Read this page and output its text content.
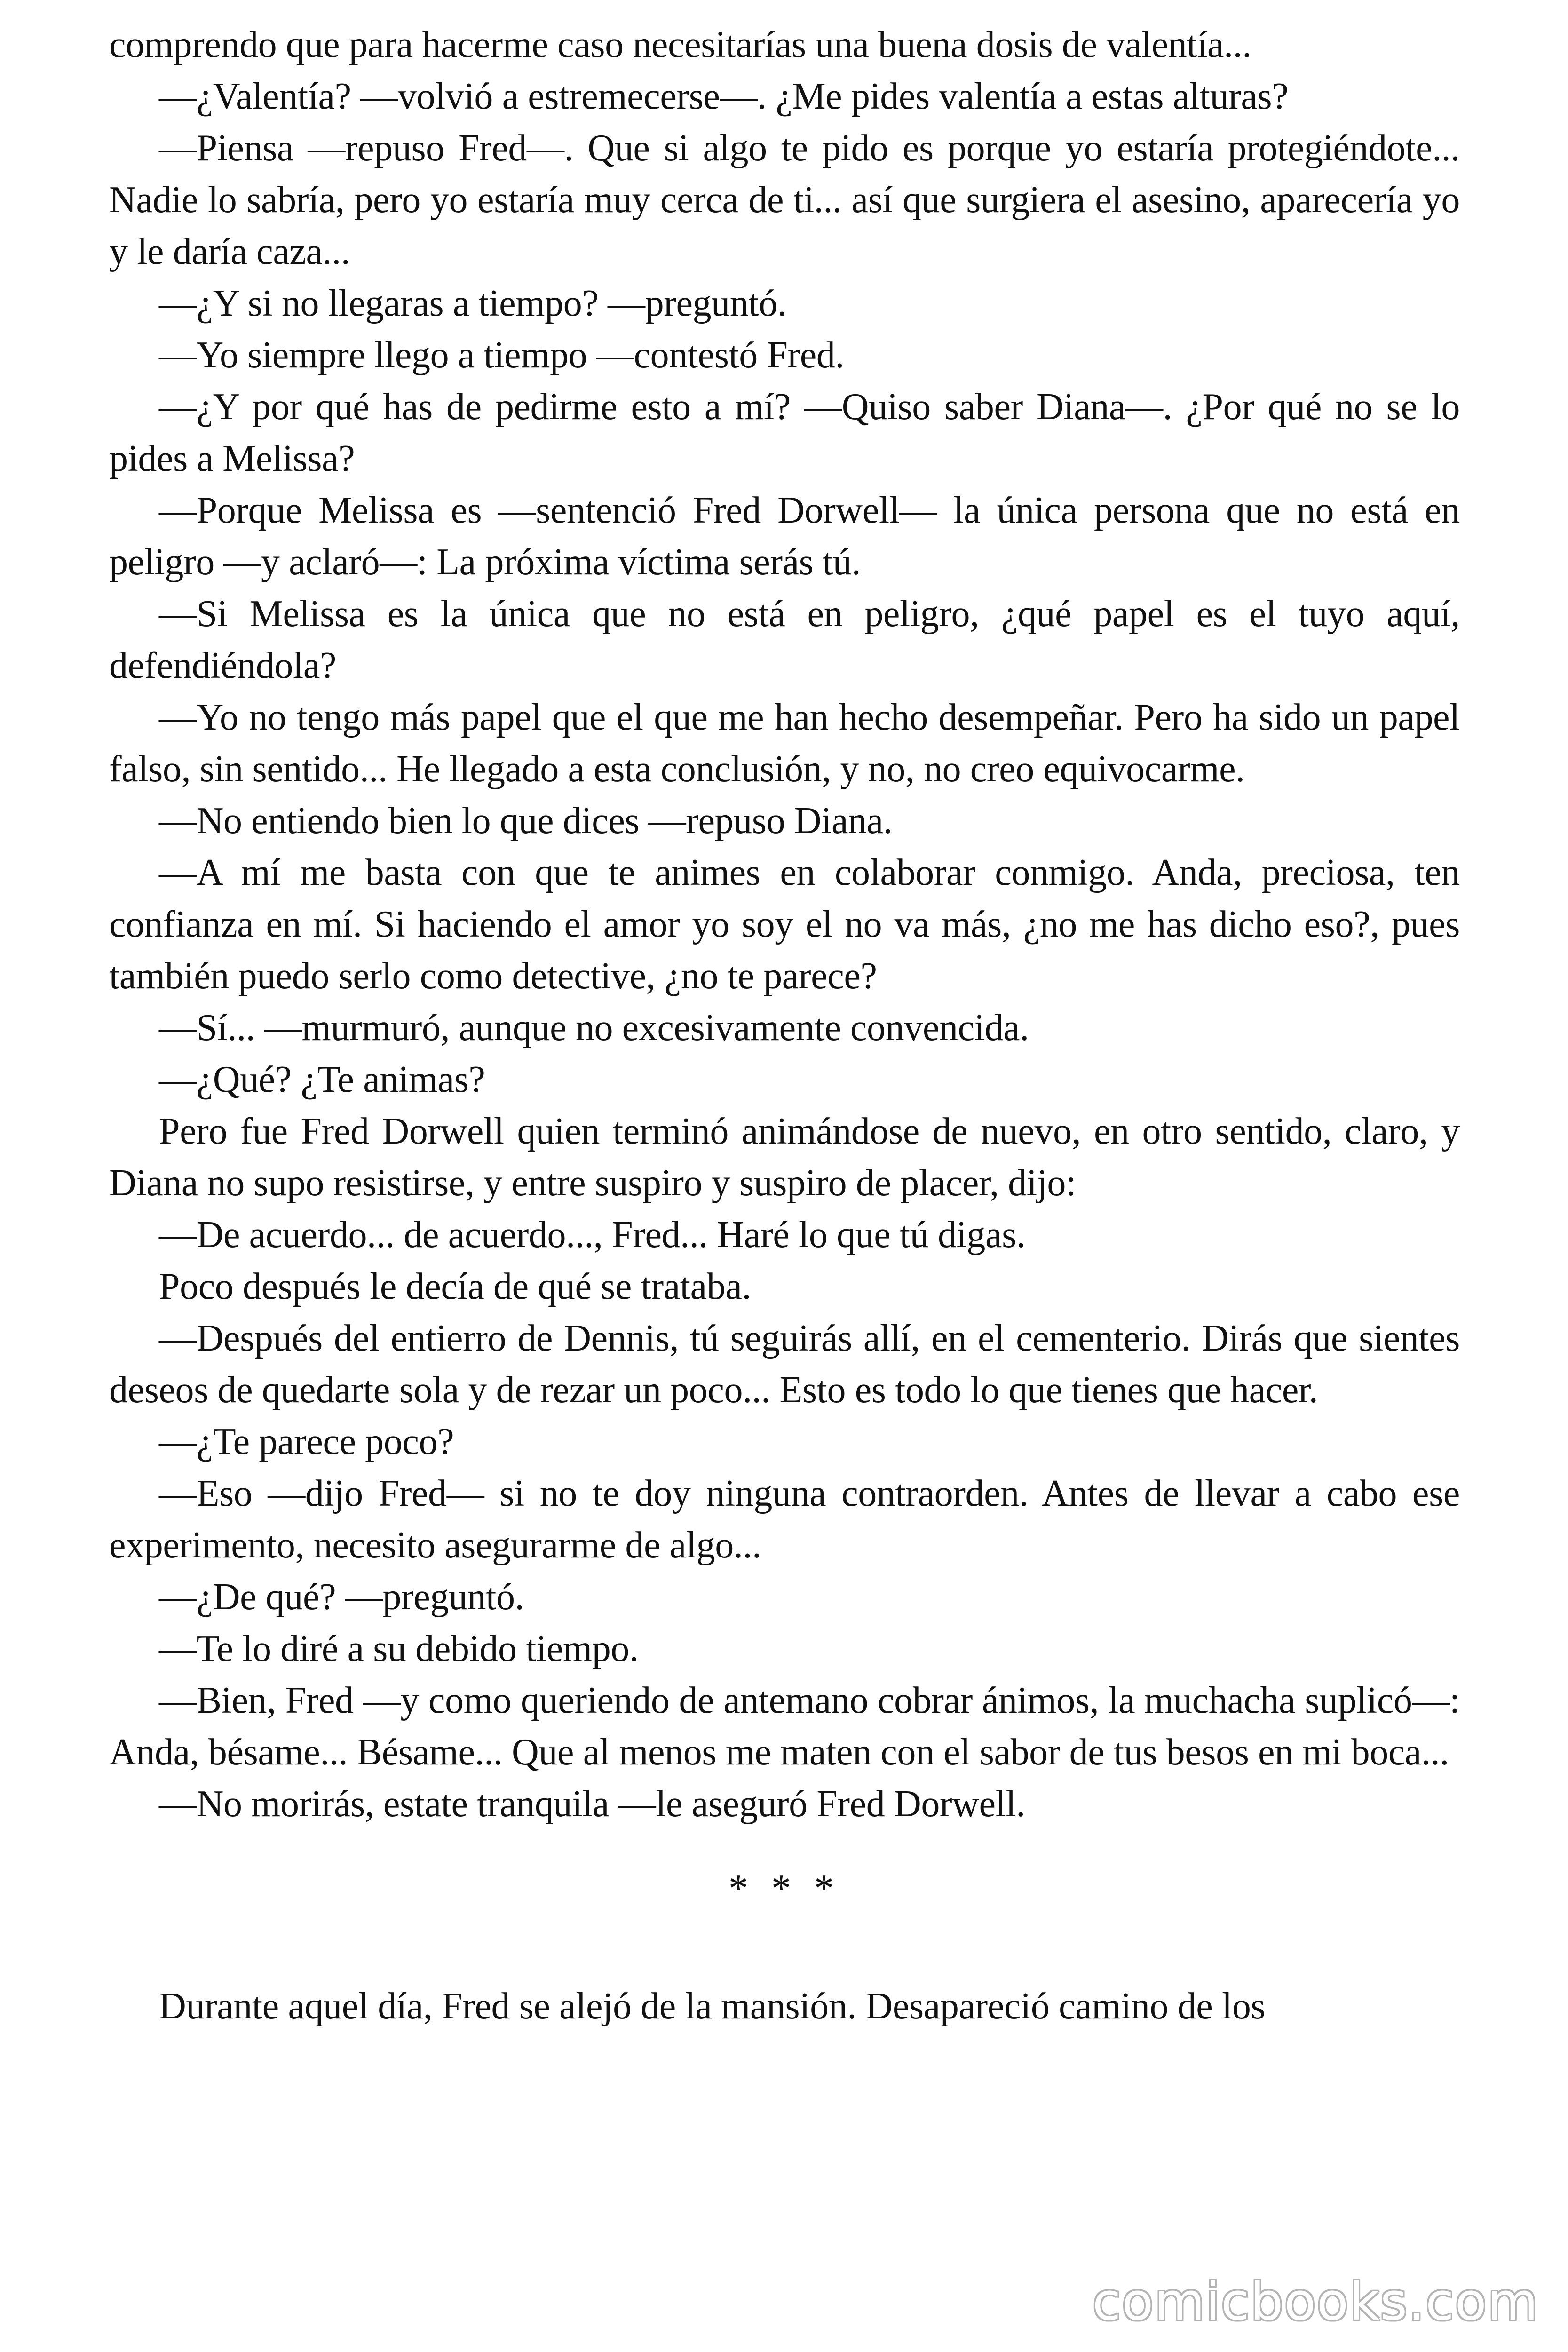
comprendo que para hacerme caso necesitarías una buena dosis de valentía...

—¿Valentía? —volvió a estremecerse—. ¿Me pides valentía a estas alturas?

—Piensa —repuso Fred—. Que si algo te pido es porque yo estaría protegiéndote... Nadie lo sabría, pero yo estaría muy cerca de ti... así que surgiera el asesino, aparecería yo y le daría caza...

—¿Y si no llegaras a tiempo? —preguntó.

—Yo siempre llego a tiempo —contestó Fred.

—¿Y por qué has de pedirme esto a mí? —Quiso saber Diana—. ¿Por qué no se lo pides a Melissa?

—Porque Melissa es —sentenció Fred Dorwell— la única persona que no está en peligro —y aclaró—: La próxima víctima serás tú.

—Si Melissa es la única que no está en peligro, ¿qué papel es el tuyo aquí, defendiéndola?

—Yo no tengo más papel que el que me han hecho desempeñar. Pero ha sido un papel falso, sin sentido... He llegado a esta conclusión, y no, no creo equivocarme.

—No entiendo bien lo que dices —repuso Diana.

—A mí me basta con que te animes en colaborar conmigo. Anda, preciosa, ten confianza en mí. Si haciendo el amor yo soy el no va más, ¿no me has dicho eso?, pues también puedo serlo como detective, ¿no te parece?

—Sí... —murmuró, aunque no excesivamente convencida.

—¿Qué? ¿Te animas?

Pero fue Fred Dorwell quien terminó animándose de nuevo, en otro sentido, claro, y Diana no supo resistirse, y entre suspiro y suspiro de placer, dijo:

—De acuerdo... de acuerdo..., Fred... Haré lo que tú digas.

Poco después le decía de qué se trataba.

—Después del entierro de Dennis, tú seguirás allí, en el cementerio. Dirás que sientes deseos de quedarte sola y de rezar un poco... Esto es todo lo que tienes que hacer.

—¿Te parece poco?

—Eso —dijo Fred— si no te doy ninguna contraorden. Antes de llevar a cabo ese experimento, necesito asegurarme de algo...

—¿De qué? —preguntó.

—Te lo diré a su debido tiempo.

—Bien, Fred —y como queriendo de antemano cobrar ánimos, la muchacha suplicó—: Anda, bésame... Bésame... Que al menos me maten con el sabor de tus besos en mi boca...

—No morirás, estate tranquila —le aseguró Fred Dorwell.

* * *

Durante aquel día, Fred se alejó de la mansión. Desapareció camino de los

comicbooks.com
